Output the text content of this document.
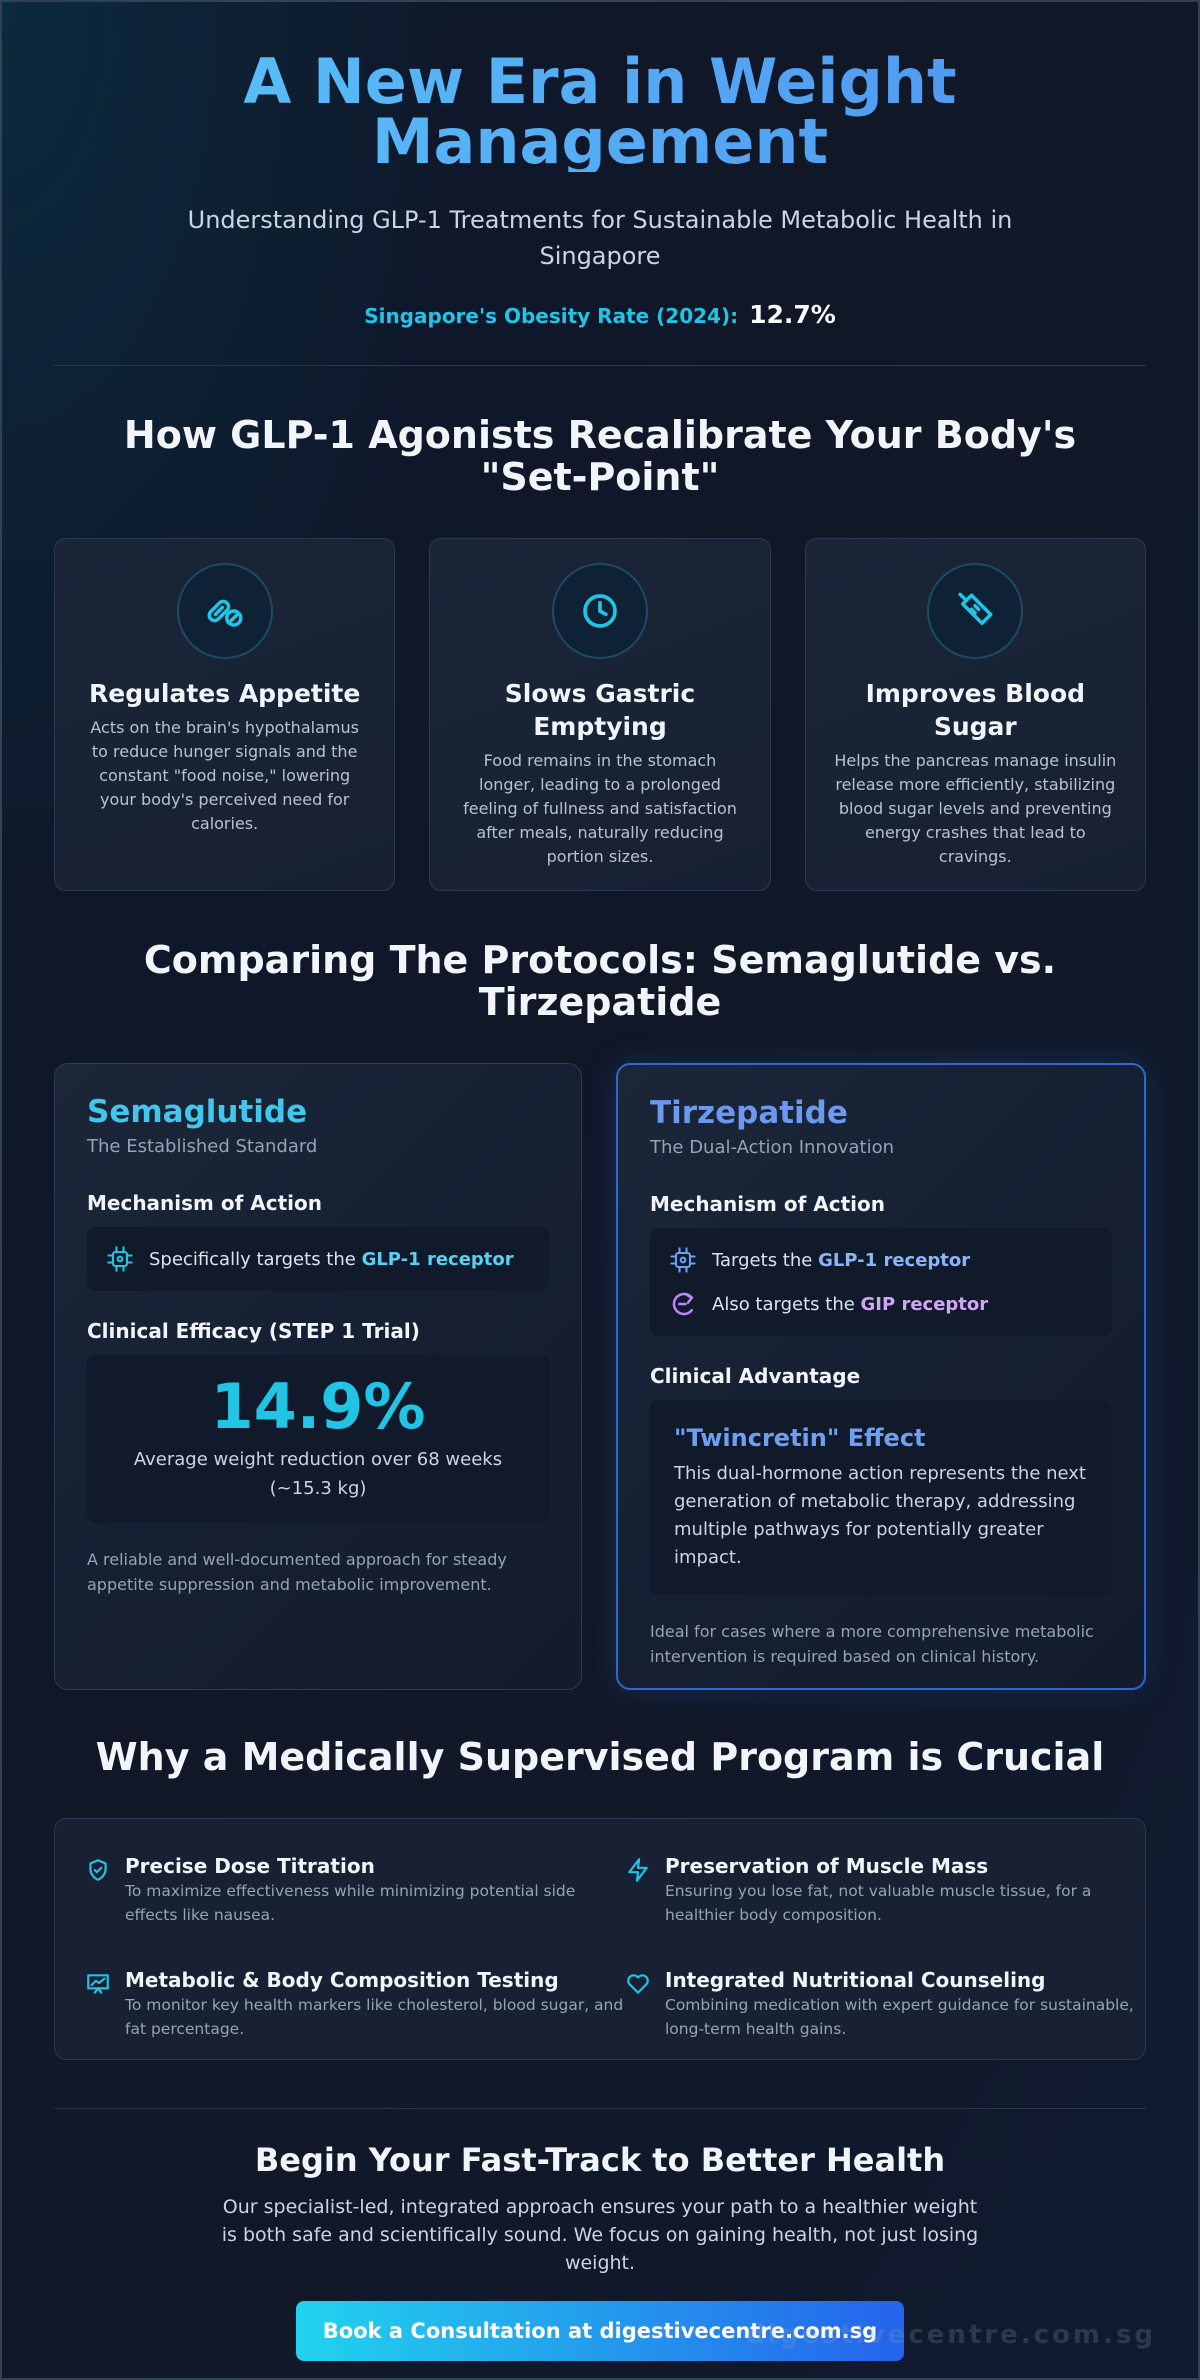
A New Era in Weight
Management
Understanding GLP-1 Treatments for Sustainable Metabolic Health in Singapore
Singapore's Obesity Rate (2024): 12.7%
How GLP-1 Agonists Recalibrate Your Body's "Set-Point"
Regulates Appetite

Acts on the brain's hypothalamus to reduce hunger signals and the constant "food noise," lowering your body's perceived need for calories.

Slows Gastric Emptying

Food remains in the stomach longer, leading to a prolonged feeling of fullness and satisfaction after meals, naturally reducing portion sizes.

Improves Blood Sugar

Helps the pancreas manage insulin release more efficiently, stabilizing blood sugar levels and preventing energy crashes that lead to cravings.

Comparing The Protocols: Semaglutide vs. Tirzepatide
Semaglutide
The Established Standard
Mechanism of Action
Specifically targets the GLP-1 receptor
Clinical Efficacy (STEP 1 Trial)
14.9%
Average weight reduction over 68 weeks
(~15.3 kg)
A reliable and well-documented approach for steady appetite suppression and metabolic improvement.
Tirzepatide
The Dual-Action Innovation
Mechanism of Action
Targets the GLP-1 receptor
Also targets the GIP receptor
Clinical Advantage
"Twincretin" Effect

This dual-hormone action represents the next generation of metabolic therapy, addressing multiple pathways for potentially greater impact.

Ideal for cases where a more comprehensive metabolic intervention is required based on clinical history.
Why a Medically Supervised Program is Crucial
Precise Dose Titration

To maximize effectiveness while minimizing potential side effects like nausea.

Preservation of Muscle Mass

Ensuring you lose fat, not valuable muscle tissue, for a healthier body composition.

Metabolic & Body Composition Testing

To monitor key health markers like cholesterol, blood sugar, and fat percentage.

Integrated Nutritional Counseling

Combining medication with expert guidance for sustainable, long-term health gains.

Begin Your Fast-Track to Better Health

Our specialist-led, integrated approach ensures your path to a healthier weight is both safe and scientifically sound. We focus on gaining health, not just losing weight.

Book a Consultation at digestivecentre.com.sg
digestivecentre.com.sg
